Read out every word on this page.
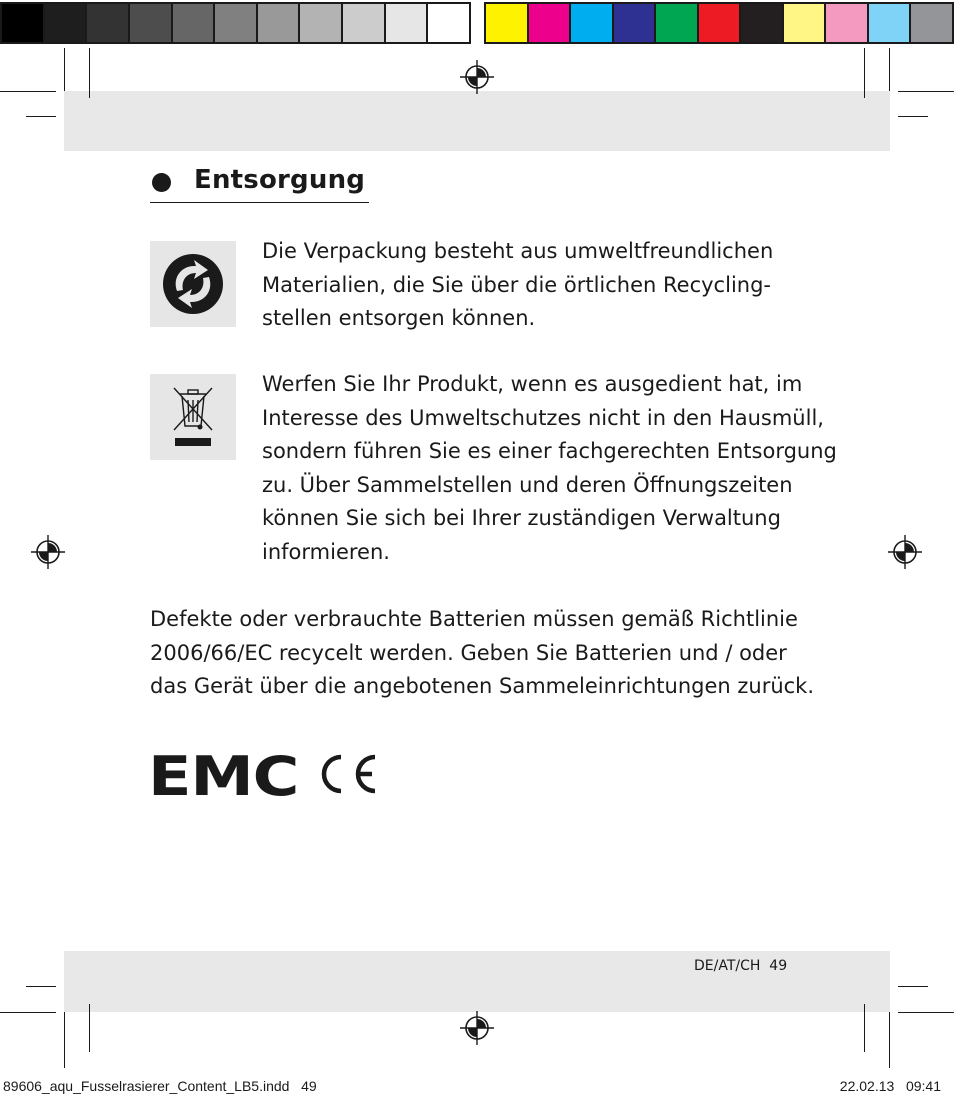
Entsorgung
Die Verpackung besteht aus umweltfreundlichen
Materialien, die Sie über die örtlichen Recycling-
stellen entsorgen können.
Werfen Sie Ihr Produkt, wenn es ausgedient hat, im
Interesse des Umweltschutzes nicht in den Hausmüll,
sondern führen Sie es einer fachgerechten Entsorgung
zu. Über Sammelstellen und deren Öffnungszeiten
können Sie sich bei Ihrer zuständigen Verwaltung
informieren.
Defekte oder verbrauchte Batterien müssen gemäß Richtlinie
2006/66/EC recycelt werden. Geben Sie Batterien und / oder
das Gerät über die angebotenen Sammeleinrichtungen zurück.
EMC
DE/AT/CH  49
89606_aqu_Fusselrasierer_Content_LB5.indd   49	22.02.13   09:41
